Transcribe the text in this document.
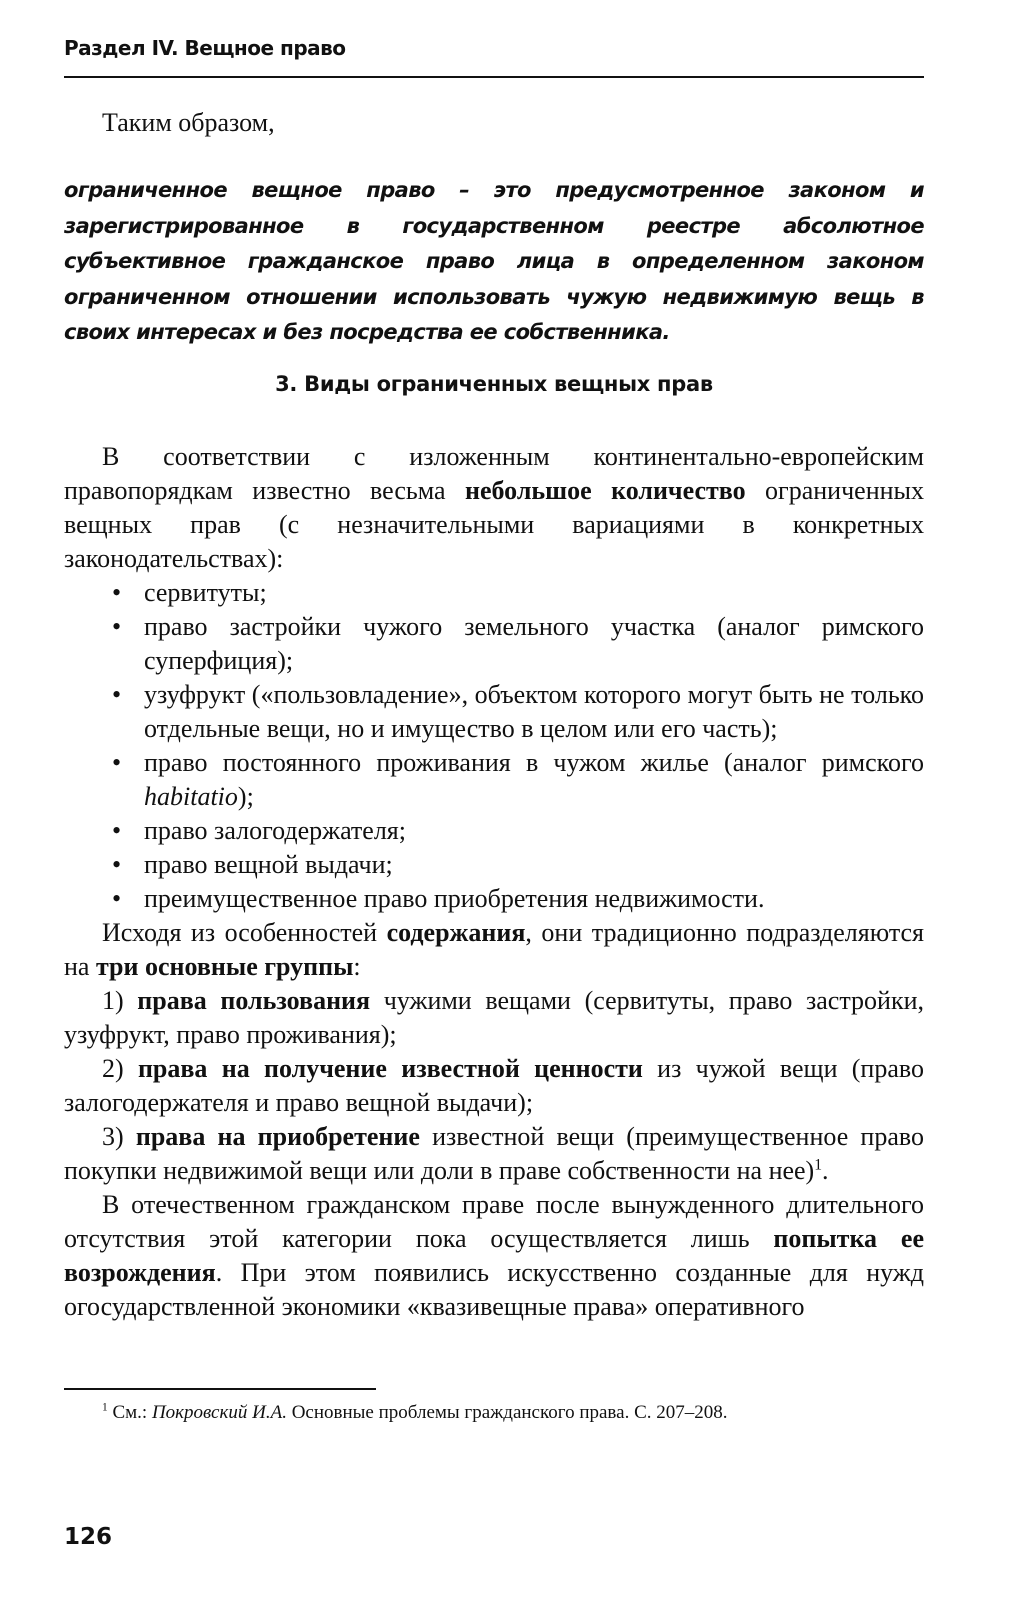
Раздел IV. Вещное право
Таким образом,
ограниченное вещное право – это предусмотренное законом и зарегистрированное в государственном реестре абсолютное субъективное гражданское право лица в определенном законом ограниченном отношении использовать чужую недвижимую вещь в своих интересах и без посредства ее собственника.
3. Виды ограниченных вещных прав

В соответствии с изложенным континентально-европейским правопорядкам известно весьма небольшое количество ограниченных вещных прав (с незначительными вариациями в конкретных законодательствах):

• сервитуты;
• право застройки чужого земельного участка (аналог римского суперфиция);
• узуфрукт («пользовладение», объектом которого могут быть не только отдельные вещи, но и имущество в целом или его часть);
• право постоянного проживания в чужом жилье (аналог римского habitatio);
• право залогодержателя;
• право вещной выдачи;
• преимущественное право приобретения недвижимости.

Исходя из особенностей содержания, они традиционно подразделяются на три основные группы:

1) права пользования чужими вещами (сервитуты, право застройки, узуфрукт, право проживания);

2) права на получение известной ценности из чужой вещи (право залогодержателя и право вещной выдачи);

3) права на приобретение известной вещи (преимущественное право покупки недвижимой вещи или доли в праве собственности на нее)$^1$.

В отечественном гражданском праве после вынужденного длительного отсутствия этой категории пока осуществляется лишь попытка ее возрождения. При этом появились искусственно созданные для нужд огосударствленной экономики «квазивещные права» оперативного

$^1$ См.: Покровский И.А. Основные проблемы гражданского права. С. 207–208.
126
